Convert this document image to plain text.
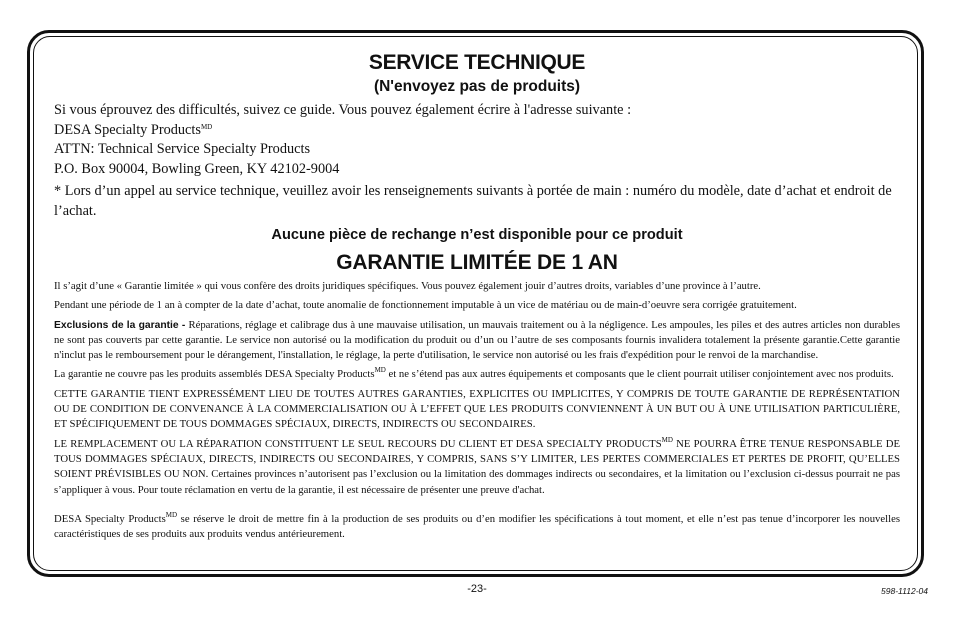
SERVICE TECHNIQUE
(N'envoyez pas de produits)

Si vous éprouvez des difficultés, suivez ce guide. Vous pouvez également écrire à l'adresse suivante :

DESA Specialty Products$^{MD}$

ATTN: Technical Service Specialty Products

P.O. Box 90004, Bowling Green, KY 42102-9004

* Lors d’un appel au service technique, veuillez avoir les renseignements suivants à portée de main : numéro du modèle, date d’achat et endroit de l’achat.

Aucune pièce de rechange n’est disponible pour ce produit
GARANTIE LIMITÉE DE 1 AN

Il s’agit d’une « Garantie limitée » qui vous confère des droits juridiques spécifiques. Vous pouvez également jouir d’autres droits, variables d’une province à l’autre.

Pendant une période de 1 an à compter de la date d’achat, toute anomalie de fonctionnement imputable à un vice de matériau ou de main-d’oeuvre sera corrigée gratuitement.

Exclusions de la garantie - Réparations, réglage et calibrage dus à une mauvaise utilisation, un mauvais traitement ou à la négligence. Les ampoules, les piles et des autres articles non durables ne sont pas couverts par cette garantie. Le service non autorisé ou la modification du produit ou d’un ou l’autre de ses composants fournis invalidera totalement la présente garantie.Cette garantie n'inclut pas le remboursement pour le dérangement, l'installation, le réglage, la perte d'utilisation, le service non autorisé ou les frais d'expédition pour le renvoi de la marchandise.

La garantie ne couvre pas les produits assemblés DESA Specialty Products$^{MD}$ et ne s’étend pas aux autres équipements et composants que le client pourrait utiliser conjointement avec nos produits.

CETTE GARANTIE TIENT EXPRESSÉMENT LIEU DE TOUTES AUTRES GARANTIES, EXPLICITES OU IMPLICITES, Y COMPRIS DE TOUTE GARANTIE DE REPRÉSENTATION OU DE CONDITION DE CONVENANCE À LA COMMERCIALISATION OU À L’EFFET QUE LES PRODUITS CONVIENNENT À UN BUT OU À UNE UTILISATION PARTICULIÈRE, ET SPÉCIFIQUEMENT DE TOUS DOMMAGES SPÉCIAUX, DIRECTS, INDIRECTS OU SECONDAIRES.

LE REMPLACEMENT OU LA RÉPARATION CONSTITUENT LE SEUL RECOURS DU CLIENT ET DESA SPECIALTY $PRODUCTS^{MD}$ NE POURRA ÊTRE TENUE RESPONSABLE DE TOUS DOMMAGES SPÉCIAUX, DIRECTS, INDIRECTS OU SECONDAIRES, Y COMPRIS, SANS S’Y LIMITER, LES PERTES COMMERCIALES ET PERTES DE PROFIT, QU’ELLES SOIENT PRÉVISIBLES OU NON. Certaines provinces n’autorisent pas l’exclusion ou la limitation des dommages indirects ou secondaires, et la limitation ou l’exclusion ci-dessus pourrait ne pas s’appliquer à vous. Pour toute réclamation en vertu de la garantie, il est nécessaire de présenter une preuve d'achat.

DESA Specialty Products$^{MD}$ se réserve le droit de mettre fin à la production de ses produits ou d’en modifier les spécifications à tout moment, et elle n’est pas tenue d’incorporer les nouvelles caractéristiques de ses produits aux produits vendus antérieurement.

-23-	598-1112-04
